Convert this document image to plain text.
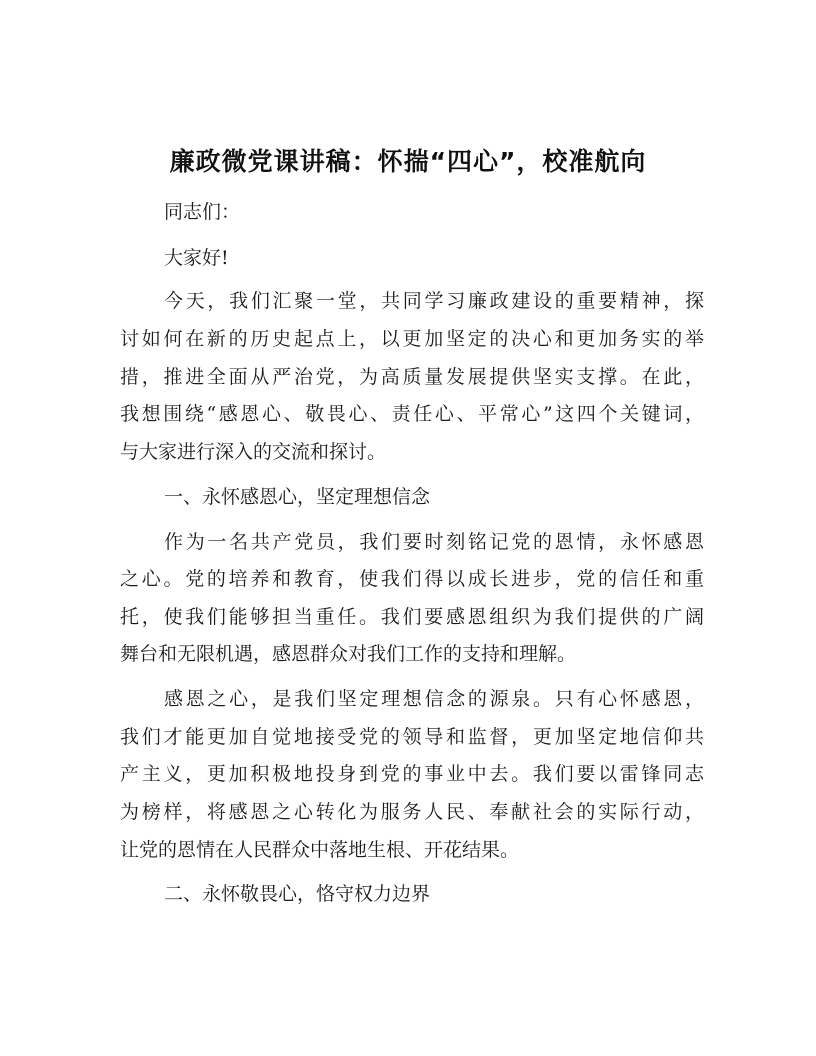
廉政微党课讲稿：怀揣“四心”，校准航向
同志们：
大家好!
今天，我们汇聚一堂，共同学习廉政建设的重要精神，探
讨如何在新的历史起点上，以更加坚定的决心和更加务实的举
措，推进全面从严治党，为高质量发展提供坚实支撑。在此，
我想围绕“感恩心、敬畏心、责任心、平常心”这四个关键词，
与大家进行深入的交流和探讨。
一、永怀感恩心，坚定理想信念
作为一名共产党员，我们要时刻铭记党的恩情，永怀感恩
之心。党的培养和教育，使我们得以成长进步，党的信任和重
托，使我们能够担当重任。我们要感恩组织为我们提供的广阔
舞台和无限机遇，感恩群众对我们工作的支持和理解。
感恩之心，是我们坚定理想信念的源泉。只有心怀感恩，
我们才能更加自觉地接受党的领导和监督，更加坚定地信仰共
产主义，更加积极地投身到党的事业中去。我们要以雷锋同志
为榜样，将感恩之心转化为服务人民、奉献社会的实际行动，
让党的恩情在人民群众中落地生根、开花结果。
二、永怀敬畏心，恪守权力边界
